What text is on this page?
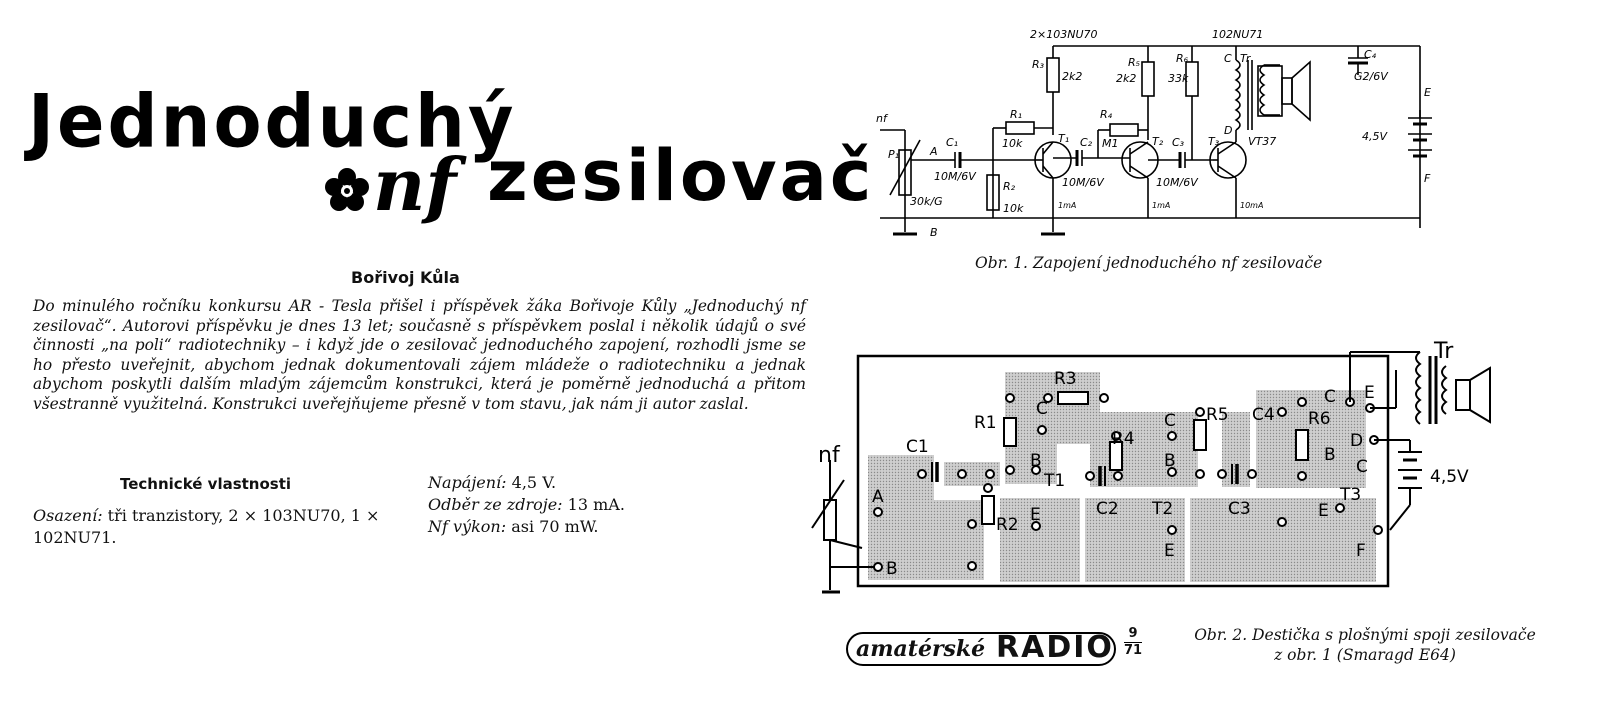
Jednoduchý
nf zesilovač
Bořivoj Kůla
Do minulého ročníku konkursu AR - Tesla přišel i příspěvek žáka Bořivoje Kůly „Jednoduchý nf zesilovač“. Autorovi příspěvku je dnes 13 let; současně s příspěvkem poslal i několik údajů o své činnosti „na poli“ radiotechniky – i když jde o zesilovač jednoduchého zapojení, rozhodli jsme se ho přesto uveřejnit, abychom jednak dokumentovali zájem mládeže o radiotechniku a jednak abychom poskytli dalším mladým zájemcům konstrukci, která je poměrně jednoduchá a přitom všestranně využitelná. Konstrukci uveřejňujeme přesně v tom stavu, jak nám ji autor zaslal.
Technické vlastnosti
Osazení: tři tranzistory, 2 × 103NU70, 1 × 102NU71.
Napájení: 4,5 V.
Odběr ze zdroje: 13 mA.
Nf výkon: asi 70 mW.
2×103NU70	102NU71
nf
P₁
30k/G
A
B
C₁
10M/6V
R₁
10k
R₂
10k
R₃
2k2
T₁ C₂
10M/6V
R₄
M1
R₅
2k2
T₂ C₃
10M/6V
R₆
33k
T₃
C Tr
D
VT37
C₄
G2/6V
E
F
4,5V
1mA	1mA	10mA
Obr. 1. Zapojení jednoduchého nf zesilovače
nf
Tr
4,5V
C1
A
B
R1
R2
T1
R3
C
B
E	C2
R4
C
B
T2
E
R5
C3
C4 R6
B
C
E
T3
C E
D
F
amatérské RADIO	9
71
Obr. 2. Destička s plošnými spoji zesilovače
z obr. 1 (Smaragd E64)
